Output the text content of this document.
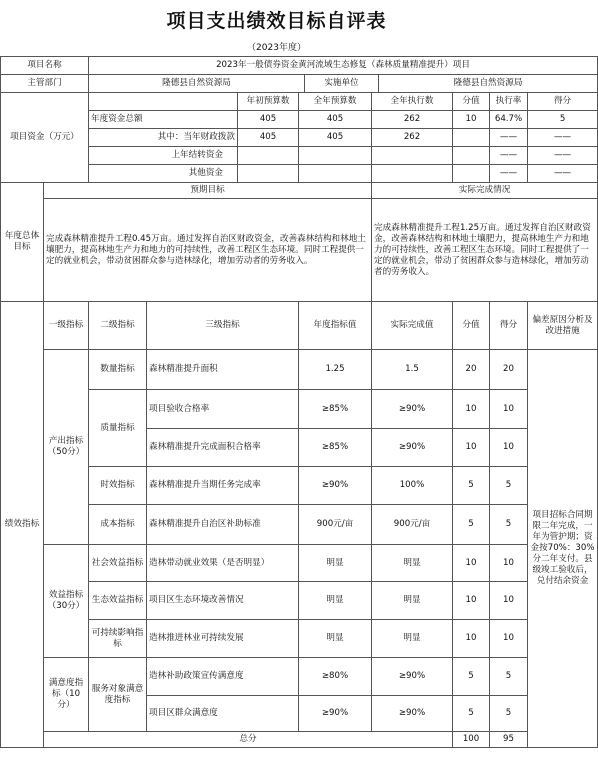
项目支出绩效目标自评表
（2023年度）
项目名称		2023年一般债券资金黄河流域生态修复（森林质量精准提升）项目										
主管部门		隆德县自然资源局				实施单位		隆德县自然资源局				
项目资金（万元）				年初预算数	全年预算数		全年执行数		分值	执行率	得分	
		年度资金总额		405	405		262		10	64.7%	5	
		其中：当年财政拨款		405	405		262			——	——	
		上年结转资金								——	——	
		其他资金								——	——	
年度总体目标	预期目标						实际完成情况					
	完成森林精准提升工程0.45万亩。通过发挥自治区财政资金，改善森林结构和林地土壤肥力，提高林地生产力和地力的可持续性，改善工程区生态环境。同时工程提供一定的就业机会，带动贫困群众参与造林绿化，增加劳动者的劳务收入。						完成森林精准提升工程1.25万亩。通过发挥自治区财政资金，改善森林结构和林地土壤肥力，提高林地生产力和地力的可持续性，改善工程区生态环境。同时工程提供了一定的就业机会，带动了贫困群众参与造林绿化，增加劳动者的劳务收入。					
绩效指标	一级指标	二级指标	三级指标		年度指标值		实际完成值		分值	得分	偏差原因分析及改进措施	
	产出指标（50分）	数量指标	森林精准提升面积		1.25		1.5		20	20	项目招标合同期限二年完成，一年为管护期；资金按70%：30%分二年支付。县级竣工验收后，兑付结余资金	
		质量指标	项目验收合格率		≥85%		≥90%		10	10		
			森林精准提升完成面积合格率		≥85%		≥90%		10	10		
		时效指标	森林精准提升当期任务完成率		≥90%		100%		5	5		
		成本指标	森林精准提升自治区补助标准		900元/亩		900元/亩		5	5		
	效益指标（30分）	社会效益指标	造林带动就业效果（是否明显）		明显		明显		10	10		
		生态效益指标	项目区生态环境改善情况		明显		明显		10	10		
		可持续影响指标	造林推进林业可持续发展		明显		明显		10	10		
	满意度指标（10分）	服务对象满意度指标	造林补助政策宣传满意度		≥80%		≥90%		5	5		
			项目区群众满意度		≥90%		≥90%		5	5		
	总分								100	95		
